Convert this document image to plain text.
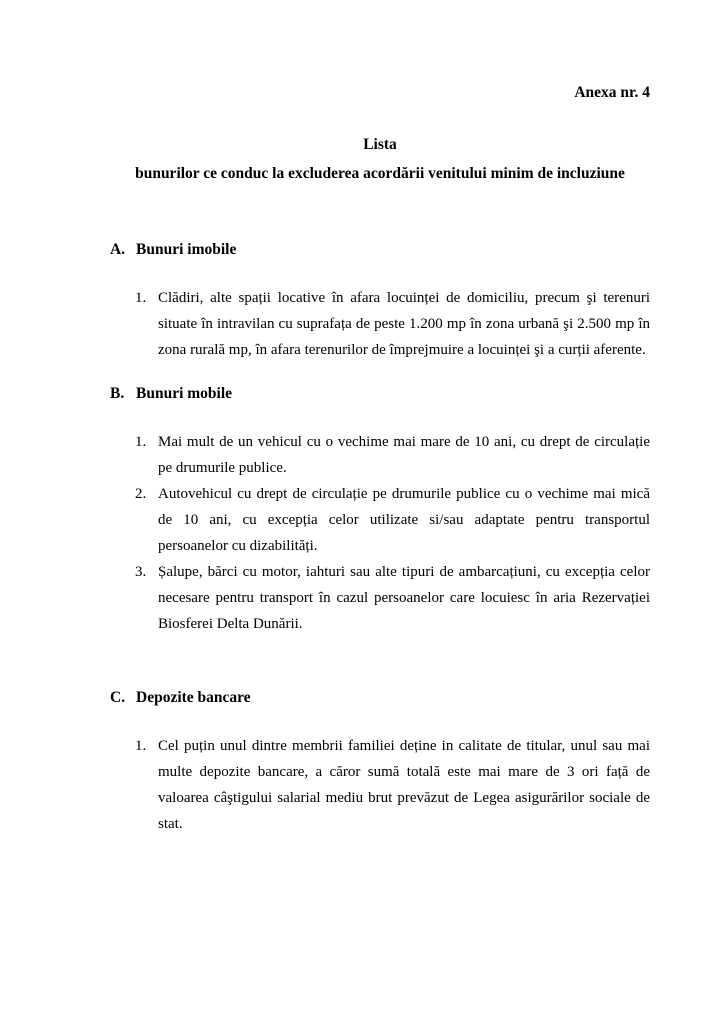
Anexa nr. 4
Lista
bunurilor ce conduc la excluderea acordării venitului minim de incluziune
A. Bunuri imobile
1. Clădiri, alte spații locative în afara locuinței de domiciliu, precum şi terenuri situate în intravilan cu suprafața de peste 1.200 mp în zona urbană şi 2.500 mp în zona rurală mp, în afara terenurilor de împrejmuire a locuinței şi a curții aferente.
B. Bunuri mobile
1. Mai mult de un vehicul cu o vechime mai mare de 10 ani, cu drept de circulație pe drumurile publice.
2. Autovehicul cu drept de circulație pe drumurile publice cu o vechime mai mică de 10 ani, cu excepția celor utilizate si/sau adaptate pentru transportul persoanelor cu dizabilități.
3. Șalupe, bărci cu motor, iahturi sau alte tipuri de ambarcațiuni, cu excepția celor necesare pentru transport în cazul persoanelor care locuiesc în aria Rezervației Biosferei Delta Dunării.
C. Depozite bancare
1. Cel puțin unul dintre membrii familiei deține in calitate de titular, unul sau mai multe depozite bancare, a căror sumă totală este mai mare de 3 ori față de valoarea câştigului salarial mediu brut prevăzut de Legea asigurărilor sociale de stat.
